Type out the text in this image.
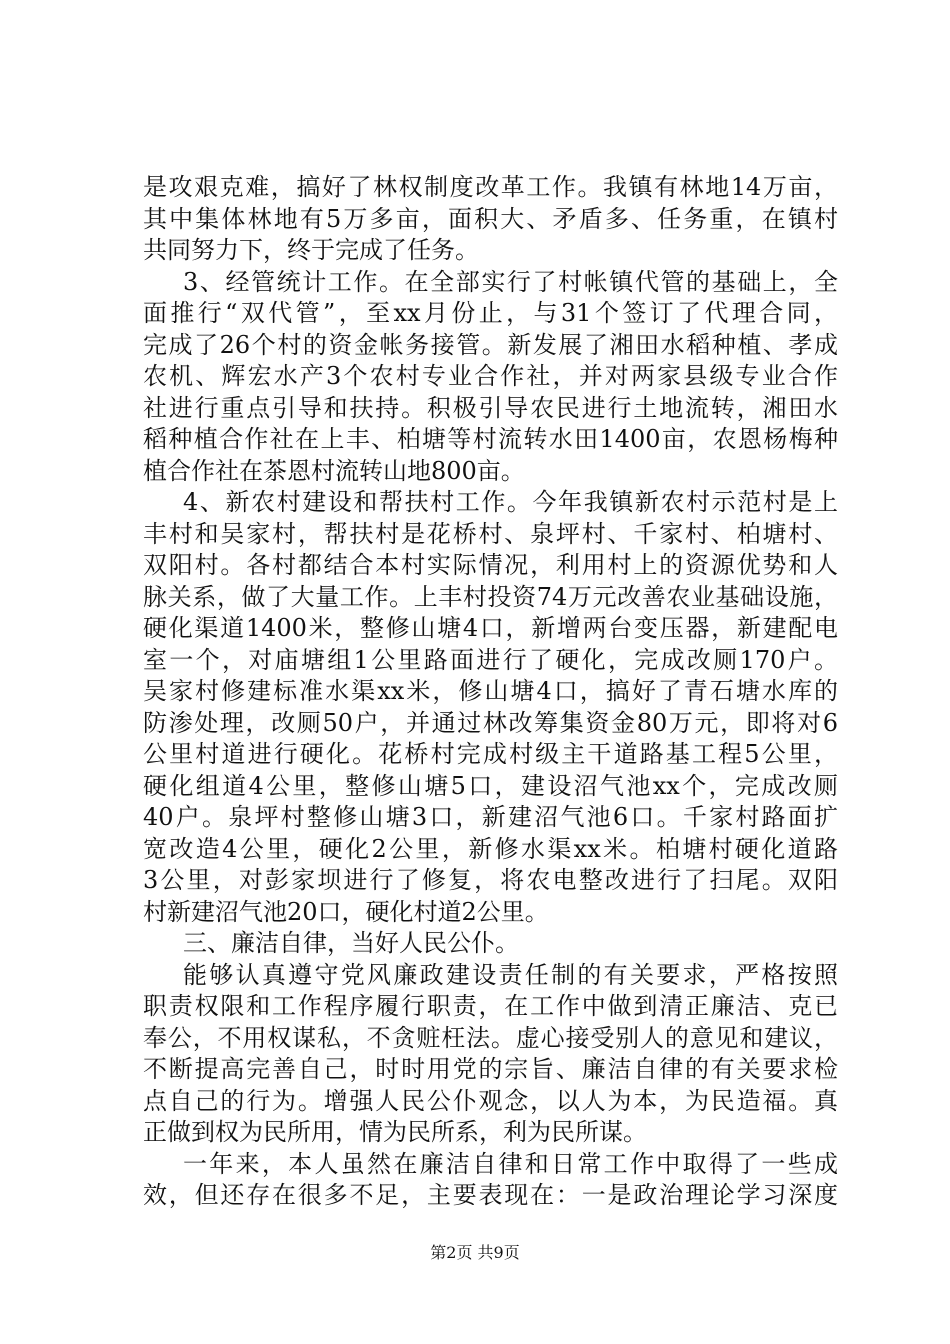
是攻艰克难，搞好了林权制度改革工作。我镇有林地14万亩，
其中集体林地有5万多亩，面积大、矛盾多、任务重，在镇村
共同努力下，终于完成了任务。
3、经管统计工作。在全部实行了村帐镇代管的基础上，全
面推行“双代管”，至xx月份止，与31个签订了代理合同，
完成了26个村的资金帐务接管。新发展了湘田水稻种植、孝成
农机、辉宏水产3个农村专业合作社，并对两家县级专业合作
社进行重点引导和扶持。积极引导农民进行土地流转，湘田水
稻种植合作社在上丰、柏塘等村流转水田1400亩，农恩杨梅种
植合作社在茶恩村流转山地800亩。
4、新农村建设和帮扶村工作。今年我镇新农村示范村是上
丰村和吴家村，帮扶村是花桥村、泉坪村、千家村、柏塘村、
双阳村。各村都结合本村实际情况，利用村上的资源优势和人
脉关系，做了大量工作。上丰村投资74万元改善农业基础设施，
硬化渠道1400米，整修山塘4口，新增两台变压器，新建配电
室一个，对庙塘组1公里路面进行了硬化，完成改厕170户。
吴家村修建标准水渠xx米，修山塘4口，搞好了青石塘水库的
防渗处理，改厕50户，并通过林改筹集资金80万元，即将对6
公里村道进行硬化。花桥村完成村级主干道路基工程5公里，
硬化组道4公里，整修山塘5口，建设沼气池xx个，完成改厕
40户。泉坪村整修山塘3口，新建沼气池6口。千家村路面扩
宽改造4公里，硬化2公里，新修水渠xx米。柏塘村硬化道路
3公里，对彭家坝进行了修复，将农电整改进行了扫尾。双阳
村新建沼气池20口，硬化村道2公里。
三、廉洁自律，当好人民公仆。
能够认真遵守党风廉政建设责任制的有关要求，严格按照
职责权限和工作程序履行职责，在工作中做到清正廉洁、克已
奉公，不用权谋私，不贪赃枉法。虚心接受别人的意见和建议，
不断提高完善自己，时时用党的宗旨、廉洁自律的有关要求检
点自己的行为。增强人民公仆观念，以人为本，为民造福。真
正做到权为民所用，情为民所系，利为民所谋。
一年来，本人虽然在廉洁自律和日常工作中取得了一些成
效，但还存在很多不足，主要表现在：一是政治理论学习深度
第2页 共9页
